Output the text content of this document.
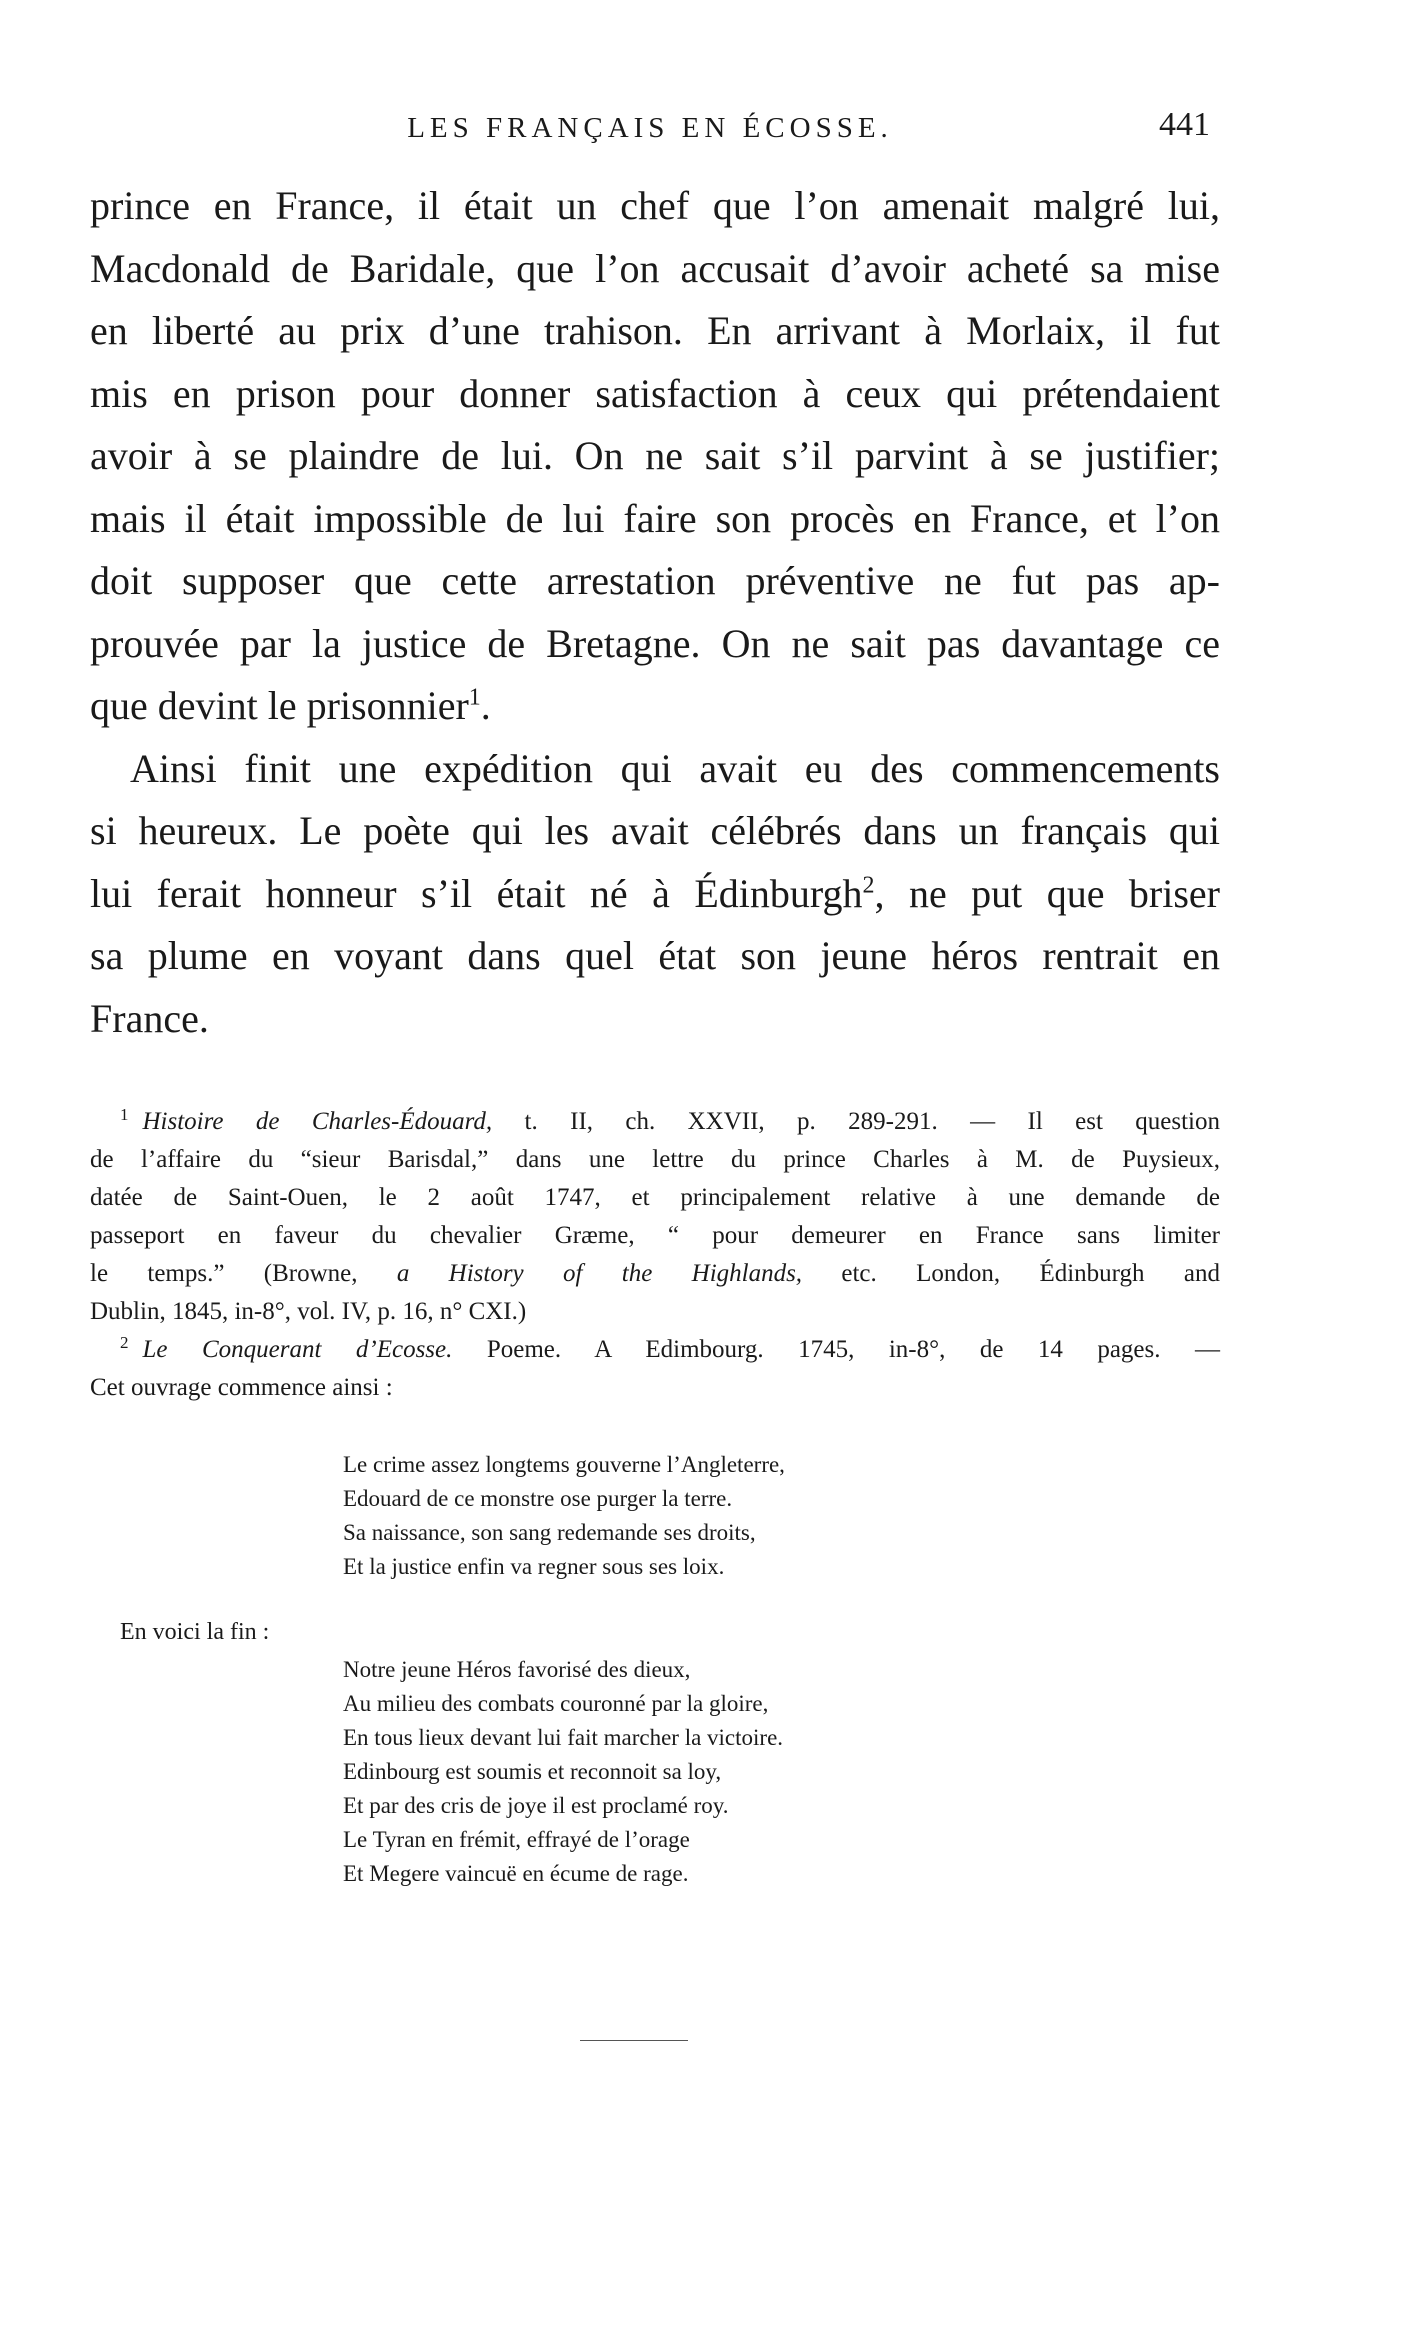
LES FRANÇAIS EN ÉCOSSE.	441
prince en France, il était un chef que l’on amenait malgré lui,
Macdonald de Baridale, que l’on accusait d’avoir acheté sa mise
en liberté au prix d’une trahison. En arrivant à Morlaix, il fut
mis en prison pour donner satisfaction à ceux qui prétendaient
avoir à se plaindre de lui. On ne sait s’il parvint à se justifier;
mais il était impossible de lui faire son procès en France, et l’on
doit supposer que cette arrestation préventive ne fut pas ap-
prouvée par la justice de Bretagne. On ne sait pas davantage ce
que devint le prisonnier$^1$.
Ainsi finit une expédition qui avait eu des commencements
si heureux. Le poète qui les avait célébrés dans un français qui
lui ferait honneur s’il était né à Édinburgh$^2$, ne put que briser
sa plume en voyant dans quel état son jeune héros rentrait en
France.
$^1$ Histoire de Charles-Édouard, t. II, ch. XXVII, p. 289-291. — Il est question
de l’affaire du “sieur Barisdal,” dans une lettre du prince Charles à M. de Puysieux,
datée de Saint-Ouen, le 2 août 1747, et principalement relative à une demande de
passeport en faveur du chevalier Græme, “ pour demeurer en France sans limiter
le temps.” (Browne, a History of the Highlands, etc. London, Édinburgh and
Dublin, 1845, in-8°, vol. IV, p. 16, n° CXI.)
$^2$ Le Conquerant d’Ecosse. Poeme. A Edimbourg. 1745, in-8°, de 14 pages. —
Cet ouvrage commence ainsi :
Le crime assez longtems gouverne l’Angleterre,
Edouard de ce monstre ose purger la terre.
Sa naissance, son sang redemande ses droits,
Et la justice enfin va regner sous ses loix.
En voici la fin :
Notre jeune Héros favorisé des dieux,
Au milieu des combats couronné par la gloire,
En tous lieux devant lui fait marcher la victoire.
Edinbourg est soumis et reconnoit sa loy,
Et par des cris de joye il est proclamé roy.
Le Tyran en frémit, effrayé de l’orage
Et Megere vaincuë en écume de rage.
